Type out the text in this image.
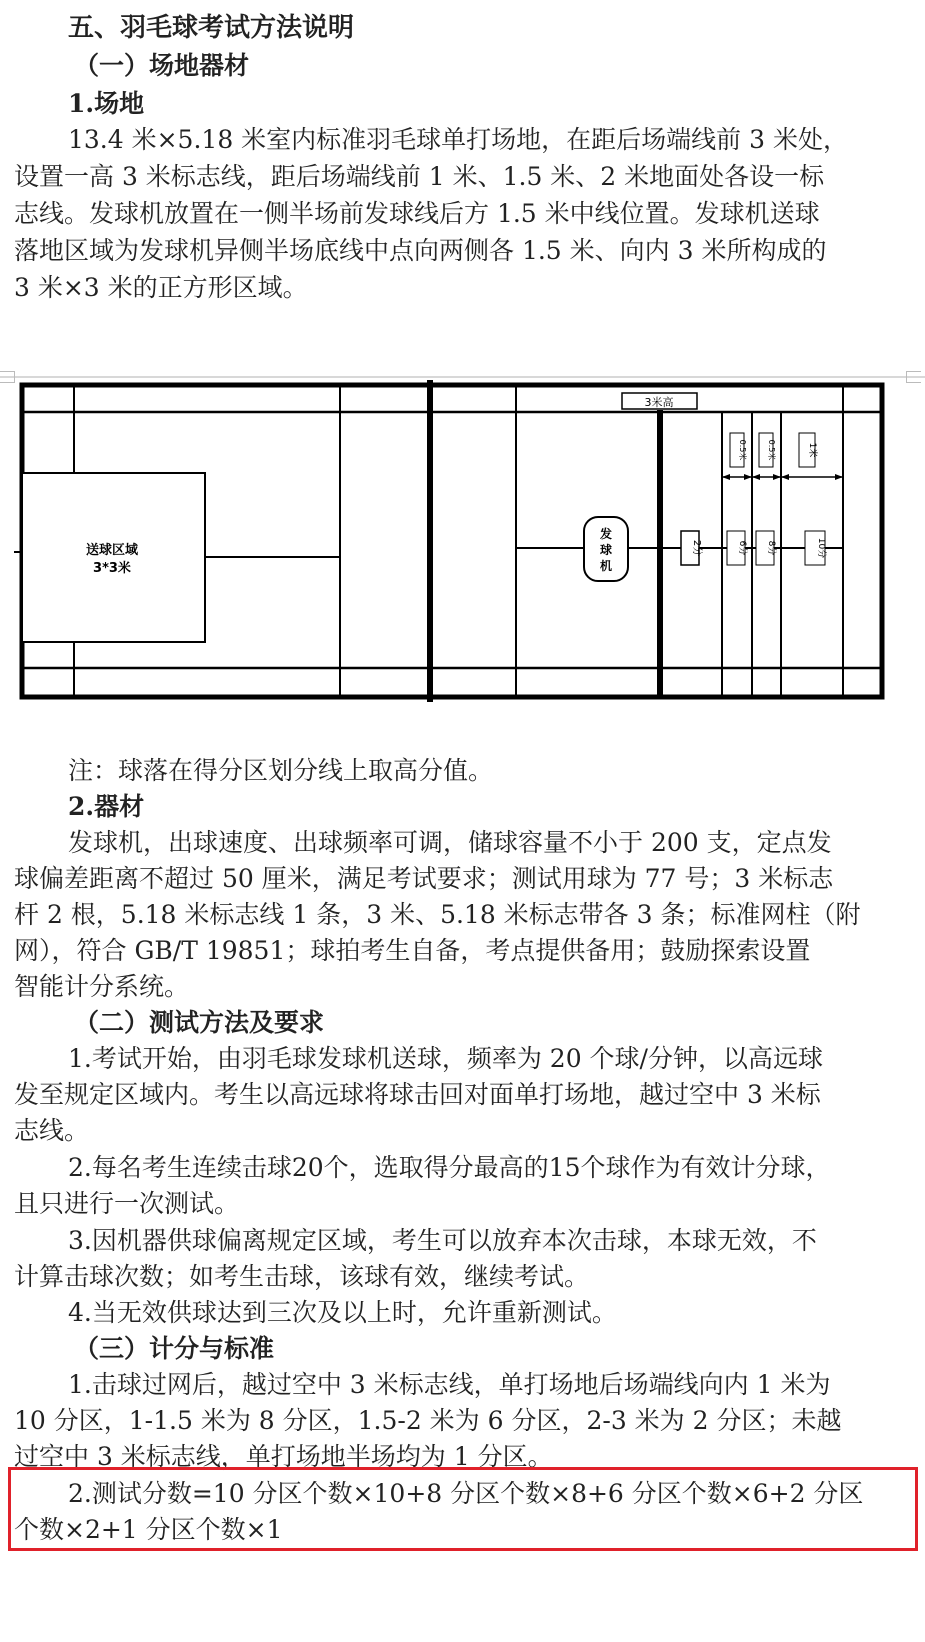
五、羽毛球考试方法说明
（一）场地器材
1.场地
13.4 米×5.18 米室内标准羽毛球单打场地，在距后场端线前 3 米处，
设置一高 3 米标志线，距后场端线前 1 米、1.5 米、2 米地面处各设一标
志线。发球机放置在一侧半场前发球线后方 1.5 米中线位置。发球机送球
落地区域为发球机异侧半场底线中点向两侧各 1.5 米、向内 3 米所构成的
3 米×3 米的正方形区域。
送球区域
3*3米
3米高
发
球
机
0.5米	0.5米	1米
2分	6分 8分	10分
注：球落在得分区划分线上取高分值。
2.器材
发球机，出球速度、出球频率可调，储球容量不小于 200 支，定点发
球偏差距离不超过 50 厘米，满足考试要求；测试用球为 77 号；3 米标志
杆 2 根，5.18 米标志线 1 条，3 米、5.18 米标志带各 3 条；标准网柱（附
网），符合 GB/T 19851；球拍考生自备，考点提供备用；鼓励探索设置
智能计分系统。
（二）测试方法及要求
1.考试开始，由羽毛球发球机送球，频率为 20 个球/分钟，以高远球
发至规定区域内。考生以高远球将球击回对面单打场地，越过空中 3 米标
志线。
2.每名考生连续击球20个，选取得分最高的15个球作为有效计分球，
且只进行一次测试。
3.因机器供球偏离规定区域，考生可以放弃本次击球，本球无效，不
计算击球次数；如考生击球，该球有效，继续考试。
4.当无效供球达到三次及以上时，允许重新测试。
（三）计分与标准
1.击球过网后，越过空中 3 米标志线，单打场地后场端线向内 1 米为
10 分区，1-1.5 米为 8 分区，1.5-2 米为 6 分区，2-3 米为 2 分区；未越
过空中 3 米标志线，单打场地半场均为 1 分区。
2.测试分数=10 分区个数×10+8 分区个数×8+6 分区个数×6+2 分区
个数×2+1 分区个数×1
